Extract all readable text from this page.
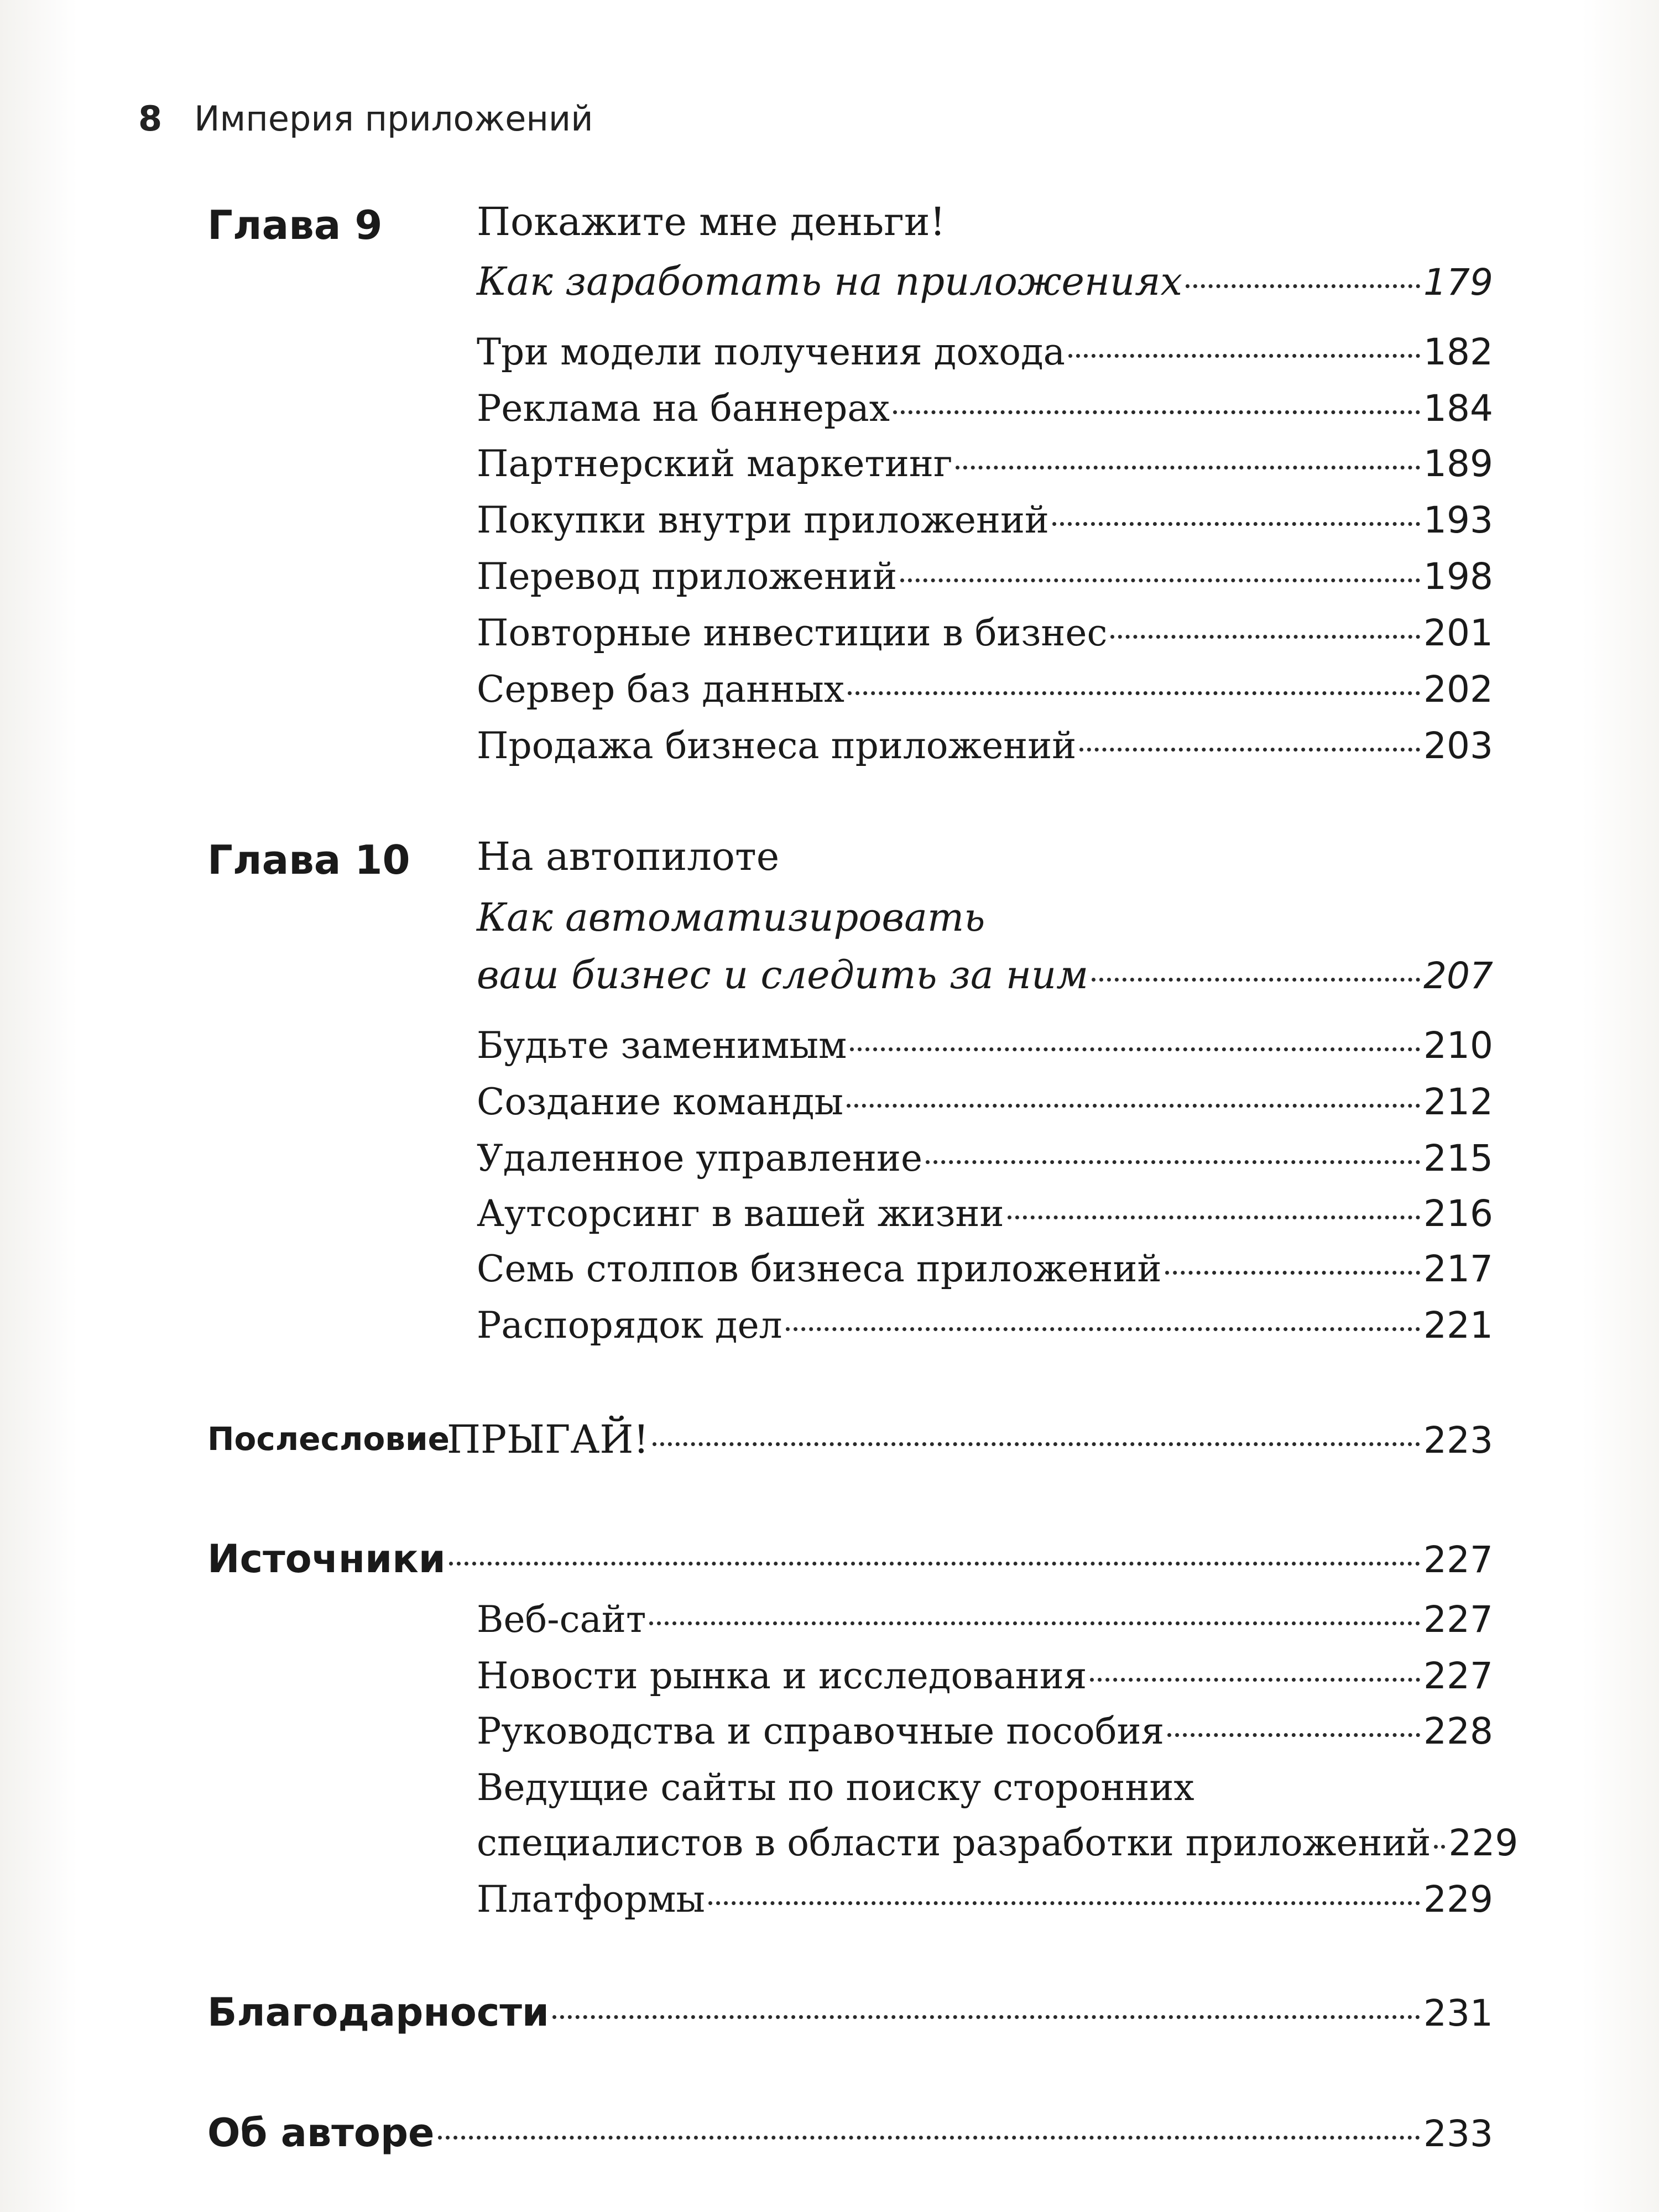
8 Империя приложений
Глава 9 Покажите мне деньги!
Как заработать на приложениях	179
Три модели получения дохода	182
Реклама на баннерах	184
Партнерский маркетинг	189
Покупки внутри приложений	193
Перевод приложений	198
Повторные инвестиции в бизнес	201
Сервер баз данных	202
Продажа бизнеса приложений	203
Глава 10 На автопилоте
Как автоматизировать
ваш бизнес и следить за ним	207
Будьте заменимым	210
Создание команды	212
Удаленное управление	215
Аутсорсинг в вашей жизни	216
Семь столпов бизнеса приложений	217
Распорядок дел	221
Послесловие
ПРЫГАЙ!	223
Источники	227
Веб-сайт	227
Новости рынка и исследования	227
Руководства и справочные пособия	228
Ведущие сайты по поиску сторонних
специалистов в области разработки приложений 229
Платформы	229
Благодарности	231
Об авторе	233
